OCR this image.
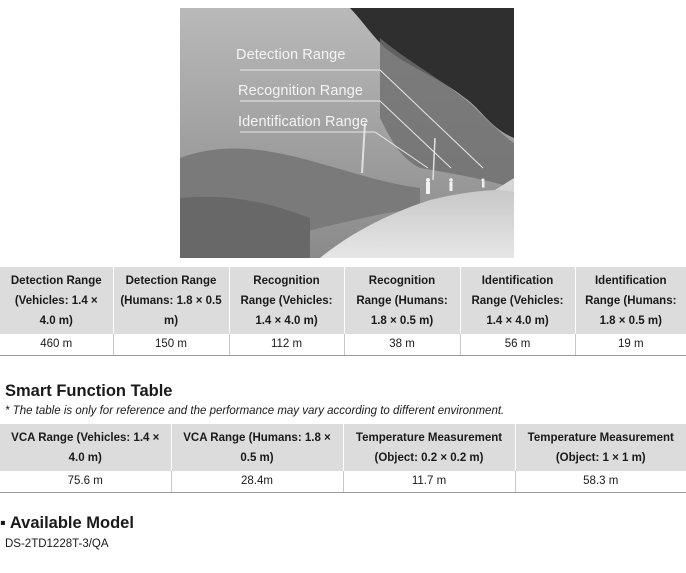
Detection Range
Recognition Range
Identification Range
Detection Range (Vehicles: 1.4 × 4.0 m)	Detection Range (Humans: 1.8 × 0.5 m)	Recognition Range (Vehicles: 1.4 × 4.0 m)	Recognition Range (Humans: 1.8 × 0.5 m)	Identification Range (Vehicles: 1.4 × 4.0 m)	Identification Range (Humans: 1.8 × 0.5 m)
460 m	150 m	112 m	38 m	56 m	19 m
Smart Function Table
* The table is only for reference and the performance may vary according to different environment.
VCA Range (Vehicles: 1.4 × 4.0 m)	VCA Range (Humans: 1.8 × 0.5 m)	Temperature Measurement (Object: 0.2 × 0.2 m)	Temperature Measurement (Object: 1 × 1 m)
75.6 m	28.4m	11.7 m	58.3 m
▪ Available Model
DS-2TD1228T-3/QA
